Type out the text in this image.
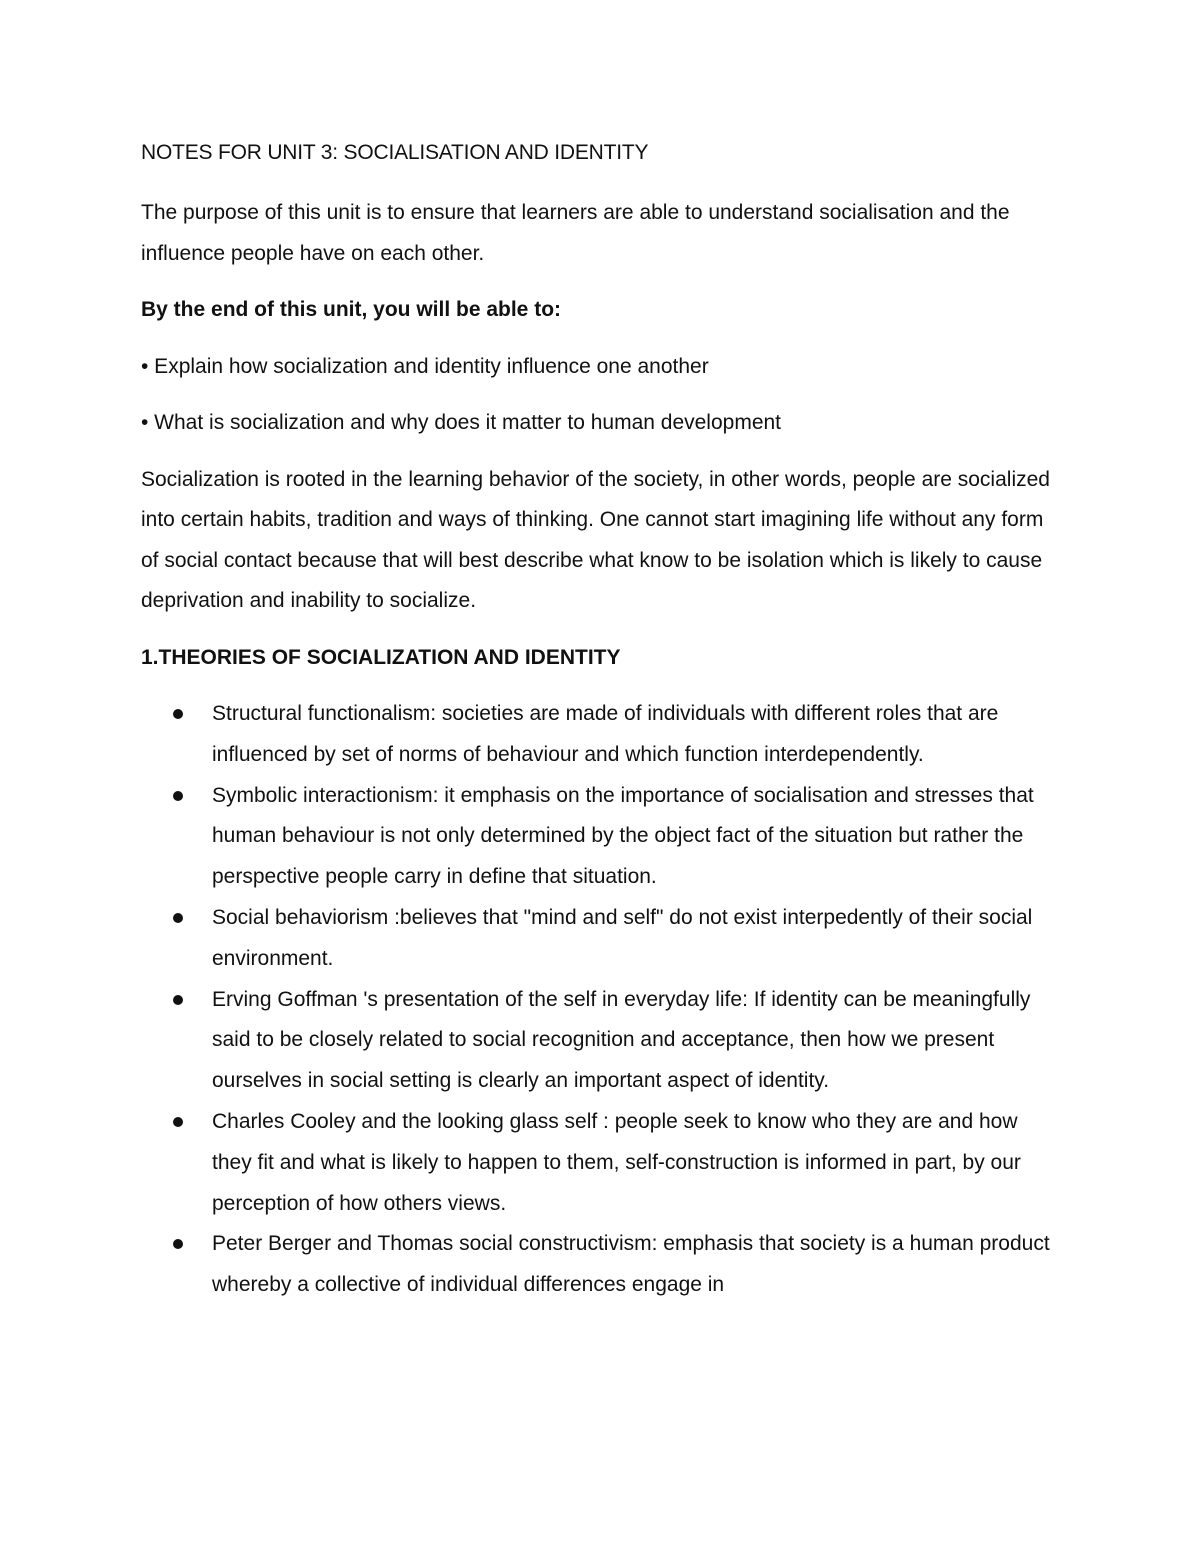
NOTES FOR UNIT 3: SOCIALISATION AND IDENTITY

The purpose of this unit is to ensure that learners are able to understand socialisation and the influence people have on each other.

By the end of this unit, you will be able to:

• Explain how socialization and identity influence one another

• What is socialization and why does it matter to human development

Socialization is rooted in the learning behavior of the society, in other words, people are socialized into certain habits, tradition and ways of thinking. One cannot start imagining life without any form of social contact because that will best describe what know to be isolation which is likely to cause deprivation and inability to socialize.

1.THEORIES OF SOCIALIZATION AND IDENTITY

Structural functionalism: societies are made of individuals with different roles that are influenced by set of norms of behaviour and which function interdependently.
Symbolic interactionism: it emphasis on the importance of socialisation and stresses that human behaviour is not only determined by the object fact of the situation but rather the perspective people carry in define that situation.
Social behaviorism :believes that "mind and self" do not exist interpedently of their social environment.
Erving Goffman 's presentation of the self in everyday life: If identity can be meaningfully said to be closely related to social recognition and acceptance, then how we present ourselves in social setting is clearly an important aspect of identity.
Charles Cooley and the looking glass self : people seek to know who they are and how they fit and what is likely to happen to them, self-construction is informed in part, by our perception of how others views.
Peter Berger and Thomas social constructivism: emphasis that society is a human product whereby a collective of individual differences engage in
